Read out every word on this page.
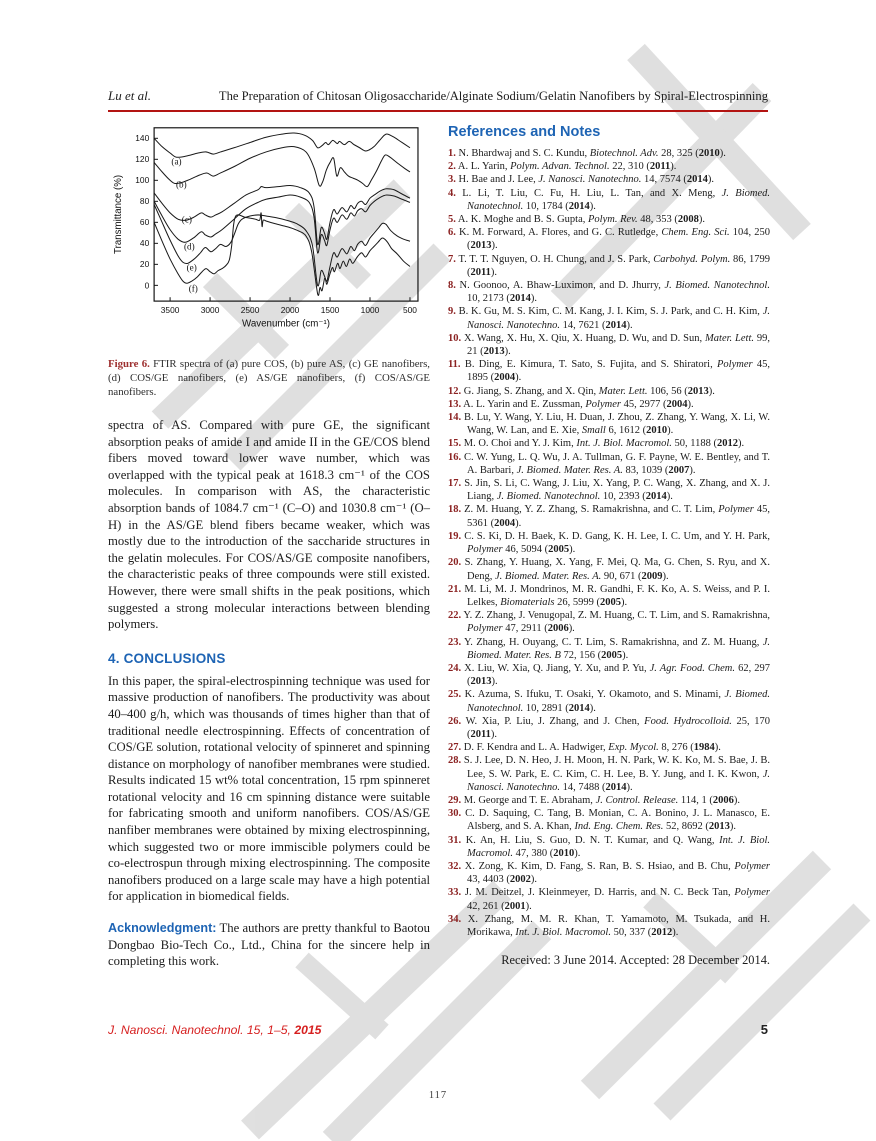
Lu et al.	The Preparation of Chitosan Oligosaccharide/Alginate Sodium/Gelatin Nanofibers by Spiral-Electrospinning
3500 3000 2500 2000 1500 1000	500
0
20
40
60
80
100
120
140
(a)
(b)
(c)
(d)
(e)
(f)
Wavenumber (cm⁻¹)
Transmittance (%)

Figure 6. FTIR spectra of (a) pure COS, (b) pure AS, (c) GE nanofibers, (d) COS/GE nanofibers, (e) AS/GE nanofibers, (f) COS/AS/GE nanofibers.

spectra of AS. Compared with pure GE, the significant absorption peaks of amide I and amide II in the GE/COS blend fibers moved toward lower wave number, which was overlapped with the typical peak at 1618.3 cm⁻¹ of the COS molecules. In comparison with AS, the characteristic absorption bands of 1084.7 cm⁻¹ (C–O) and 1030.8 cm⁻¹ (O–H) in the AS/GE blend fibers became weaker, which was mostly due to the introduction of the saccharide structures in the gelatin molecules. For COS/AS/GE composite nanofibers, the characteristic peaks of three compounds were still existed. However, there were small shifts in the peak positions, which suggested a strong molecular interactions between blending polymers.

4. CONCLUSIONS

In this paper, the spiral-electrospinning technique was used for massive production of nanofibers. The productivity was about 40–400 g/h, which was thousands of times higher than that of traditional needle electrospinning. Effects of concentration of COS/GE solution, rotational velocity of spinneret and spinning distance on morphology of nanofiber membranes were studied. Results indicated 15 wt% total concentration, 15 rpm spinneret rotational velocity and 16 cm spinning distance were suitable for fabricating smooth and uniform nanofibers. COS/AS/GE nanfiber membranes were obtained by mixing electrospinning, which suggested two or more immiscible polymers could be co-electrospun through mixing electrospinning. The composite nanofibers produced on a large scale may have a high potential for application in biomedical fields.

Acknowledgment: The authors are pretty thankful to Baotou Dongbao Bio-Tech Co., Ltd., China for the sincere help in completing this work.

References and Notes
1. N. Bhardwaj and S. C. Kundu, Biotechnol. Adv. 28, 325 (2010).
2. A. L. Yarin, Polym. Advan. Technol. 22, 310 (2011).
3. H. Bae and J. Lee, J. Nanosci. Nanotechno. 14, 7574 (2014).
4. L. Li, T. Liu, C. Fu, H. Liu, L. Tan, and X. Meng, J. Biomed. Nanotechnol. 10, 1784 (2014).
5. A. K. Moghe and B. S. Gupta, Polym. Rev. 48, 353 (2008).
6. K. M. Forward, A. Flores, and G. C. Rutledge, Chem. Eng. Sci. 104, 250 (2013).
7. T. T. T. Nguyen, O. H. Chung, and J. S. Park, Carbohyd. Polym. 86, 1799 (2011).
8. N. Goonoo, A. Bhaw-Luximon, and D. Jhurry, J. Biomed. Nanotechnol. 10, 2173 (2014).
9. B. K. Gu, M. S. Kim, C. M. Kang, J. I. Kim, S. J. Park, and C. H. Kim, J. Nanosci. Nanotechno. 14, 7621 (2014).
10. X. Wang, X. Hu, X. Qiu, X. Huang, D. Wu, and D. Sun, Mater. Lett. 99, 21 (2013).
11. B. Ding, E. Kimura, T. Sato, S. Fujita, and S. Shiratori, Polymer 45, 1895 (2004).
12. G. Jiang, S. Zhang, and X. Qin, Mater. Lett. 106, 56 (2013).
13. A. L. Yarin and E. Zussman, Polymer 45, 2977 (2004).
14. B. Lu, Y. Wang, Y. Liu, H. Duan, J. Zhou, Z. Zhang, Y. Wang, X. Li, W. Wang, W. Lan, and E. Xie, Small 6, 1612 (2010).
15. M. O. Choi and Y. J. Kim, Int. J. Biol. Macromol. 50, 1188 (2012).
16. C. W. Yung, L. Q. Wu, J. A. Tullman, G. F. Payne, W. E. Bentley, and T. A. Barbari, J. Biomed. Mater. Res. A. 83, 1039 (2007).
17. S. Jin, S. Li, C. Wang, J. Liu, X. Yang, P. C. Wang, X. Zhang, and X. J. Liang, J. Biomed. Nanotechnol. 10, 2393 (2014).
18. Z. M. Huang, Y. Z. Zhang, S. Ramakrishna, and C. T. Lim, Polymer 45, 5361 (2004).
19. C. S. Ki, D. H. Baek, K. D. Gang, K. H. Lee, I. C. Um, and Y. H. Park, Polymer 46, 5094 (2005).
20. S. Zhang, Y. Huang, X. Yang, F. Mei, Q. Ma, G. Chen, S. Ryu, and X. Deng, J. Biomed. Mater. Res. A. 90, 671 (2009).
21. M. Li, M. J. Mondrinos, M. R. Gandhi, F. K. Ko, A. S. Weiss, and P. I. Lelkes, Biomaterials 26, 5999 (2005).
22. Y. Z. Zhang, J. Venugopal, Z. M. Huang, C. T. Lim, and S. Ramakrishna, Polymer 47, 2911 (2006).
23. Y. Zhang, H. Ouyang, C. T. Lim, S. Ramakrishna, and Z. M. Huang, J. Biomed. Mater. Res. B 72, 156 (2005).
24. X. Liu, W. Xia, Q. Jiang, Y. Xu, and P. Yu, J. Agr. Food. Chem. 62, 297 (2013).
25. K. Azuma, S. Ifuku, T. Osaki, Y. Okamoto, and S. Minami, J. Biomed. Nanotechnol. 10, 2891 (2014).
26. W. Xia, P. Liu, J. Zhang, and J. Chen, Food. Hydrocolloid. 25, 170 (2011).
27. D. F. Kendra and L. A. Hadwiger, Exp. Mycol. 8, 276 (1984).
28. S. J. Lee, D. N. Heo, J. H. Moon, H. N. Park, W. K. Ko, M. S. Bae, J. B. Lee, S. W. Park, E. C. Kim, C. H. Lee, B. Y. Jung, and I. K. Kwon, J. Nanosci. Nanotechno. 14, 7488 (2014).
29. M. George and T. E. Abraham, J. Control. Release. 114, 1 (2006).
30. C. D. Saquing, C. Tang, B. Monian, C. A. Bonino, J. L. Manasco, E. Alsberg, and S. A. Khan, Ind. Eng. Chem. Res. 52, 8692 (2013).
31. K. An, H. Liu, S. Guo, D. N. T. Kumar, and Q. Wang, Int. J. Biol. Macromol. 47, 380 (2010).
32. X. Zong, K. Kim, D. Fang, S. Ran, B. S. Hsiao, and B. Chu, Polymer 43, 4403 (2002).
33. J. M. Deitzel, J. Kleinmeyer, D. Harris, and N. C. Beck Tan, Polymer 42, 261 (2001).
34. X. Zhang, M. M. R. Khan, T. Yamamoto, M. Tsukada, and H. Morikawa, Int. J. Biol. Macromol. 50, 337 (2012).

Received: 3 June 2014. Accepted: 28 December 2014.

J. Nanosci. Nanotechnol. 15, 1–5, 2015	5
117
